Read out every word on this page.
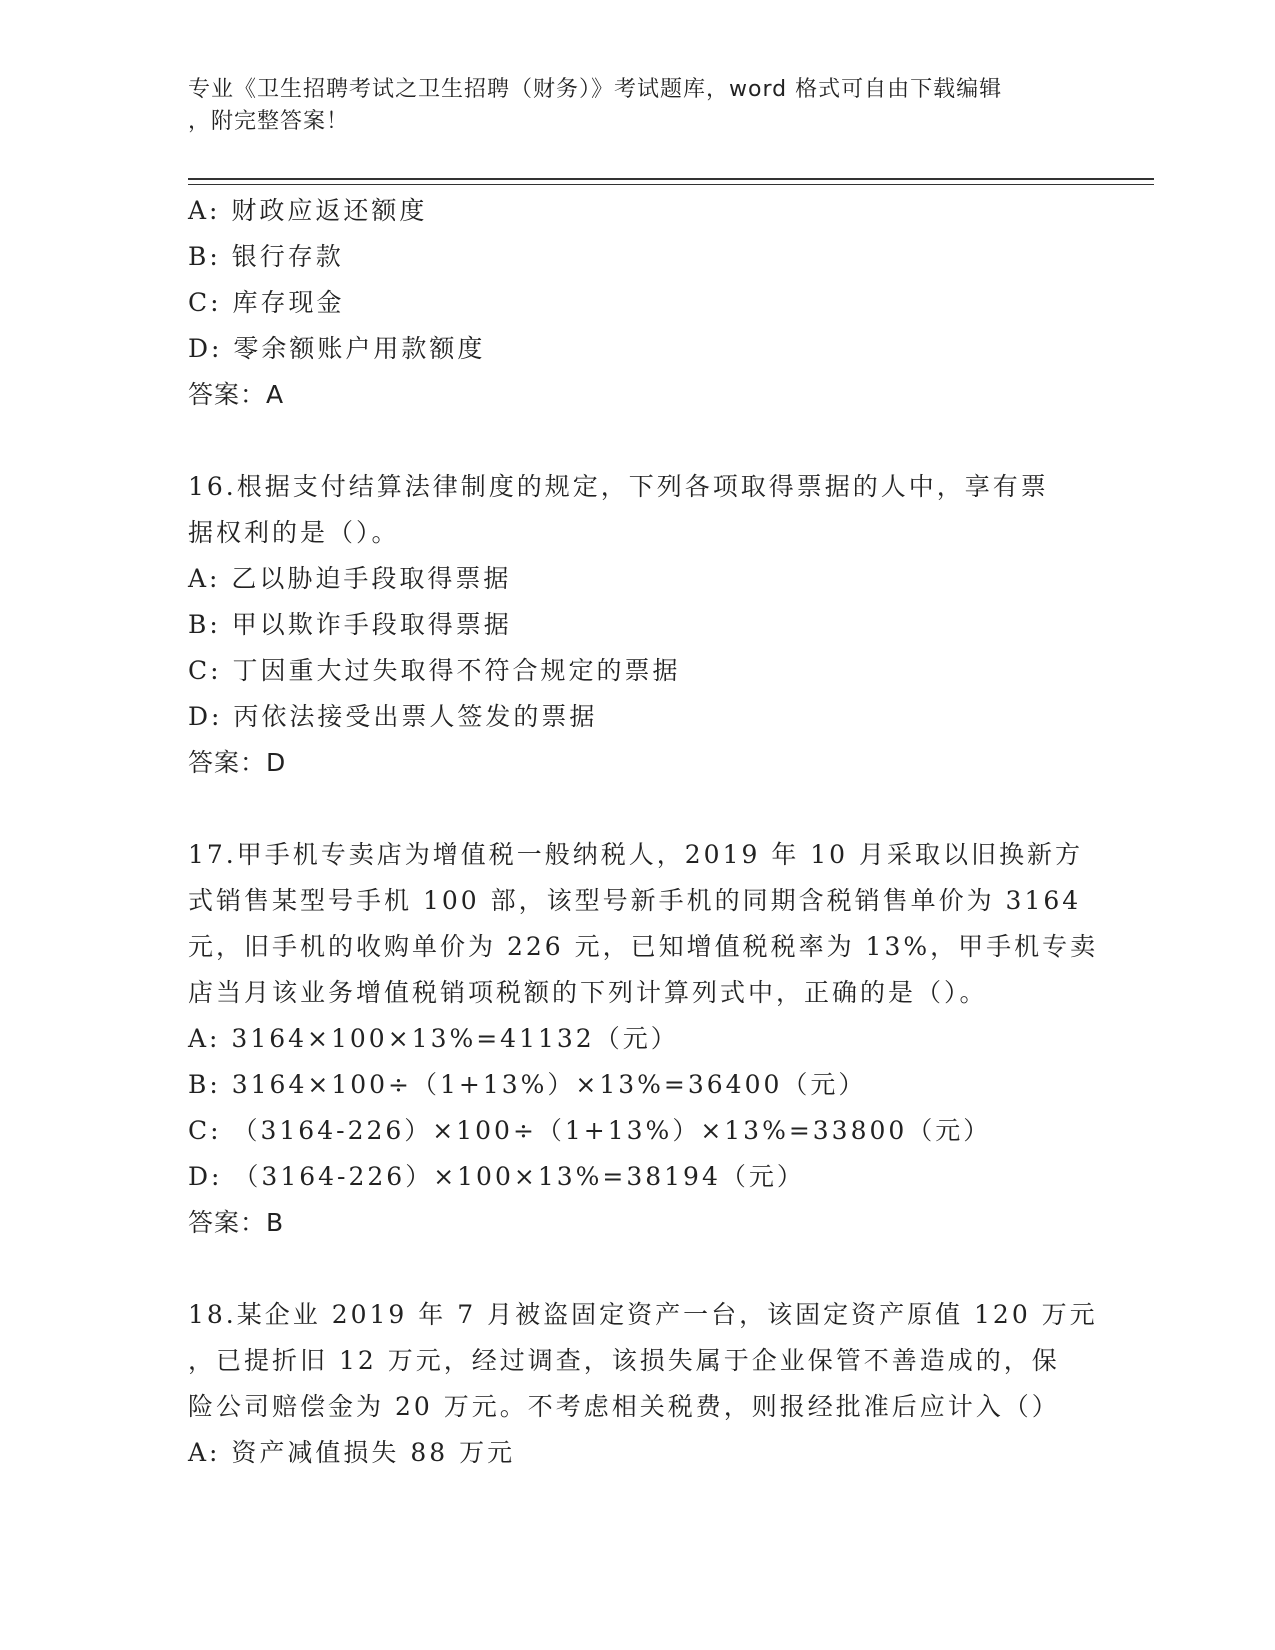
专业《卫生招聘考试之卫生招聘（财务）》考试题库，word 格式可自由下载编辑
，附完整答案！
A: 财政应返还额度
B: 银行存款
C: 库存现金
D: 零余额账户用款额度
答案：A
16.根据支付结算法律制度的规定，下列各项取得票据的人中，享有票
据权利的是（）。
A: 乙以胁迫手段取得票据
B: 甲以欺诈手段取得票据
C: 丁因重大过失取得不符合规定的票据
D: 丙依法接受出票人签发的票据
答案：D
17.甲手机专卖店为增值税一般纳税人，2019 年 10 月采取以旧换新方
式销售某型号手机 100 部，该型号新手机的同期含税销售单价为 3164
元，旧手机的收购单价为 226 元，已知增值税税率为 13%，甲手机专卖
店当月该业务增值税销项税额的下列计算列式中，正确的是（）。
A: 3164×100×13%=41132（元）
B: 3164×100÷（1+13%）×13%=36400（元）
C: （3164-226）×100÷（1+13%）×13%=33800（元）
D: （3164-226）×100×13%=38194（元）
答案：B
18.某企业 2019 年 7 月被盗固定资产一台，该固定资产原值 120 万元
，已提折旧 12 万元，经过调查，该损失属于企业保管不善造成的，保
险公司赔偿金为 20 万元。不考虑相关税费，则报经批准后应计入（）
A: 资产减值损失 88 万元
